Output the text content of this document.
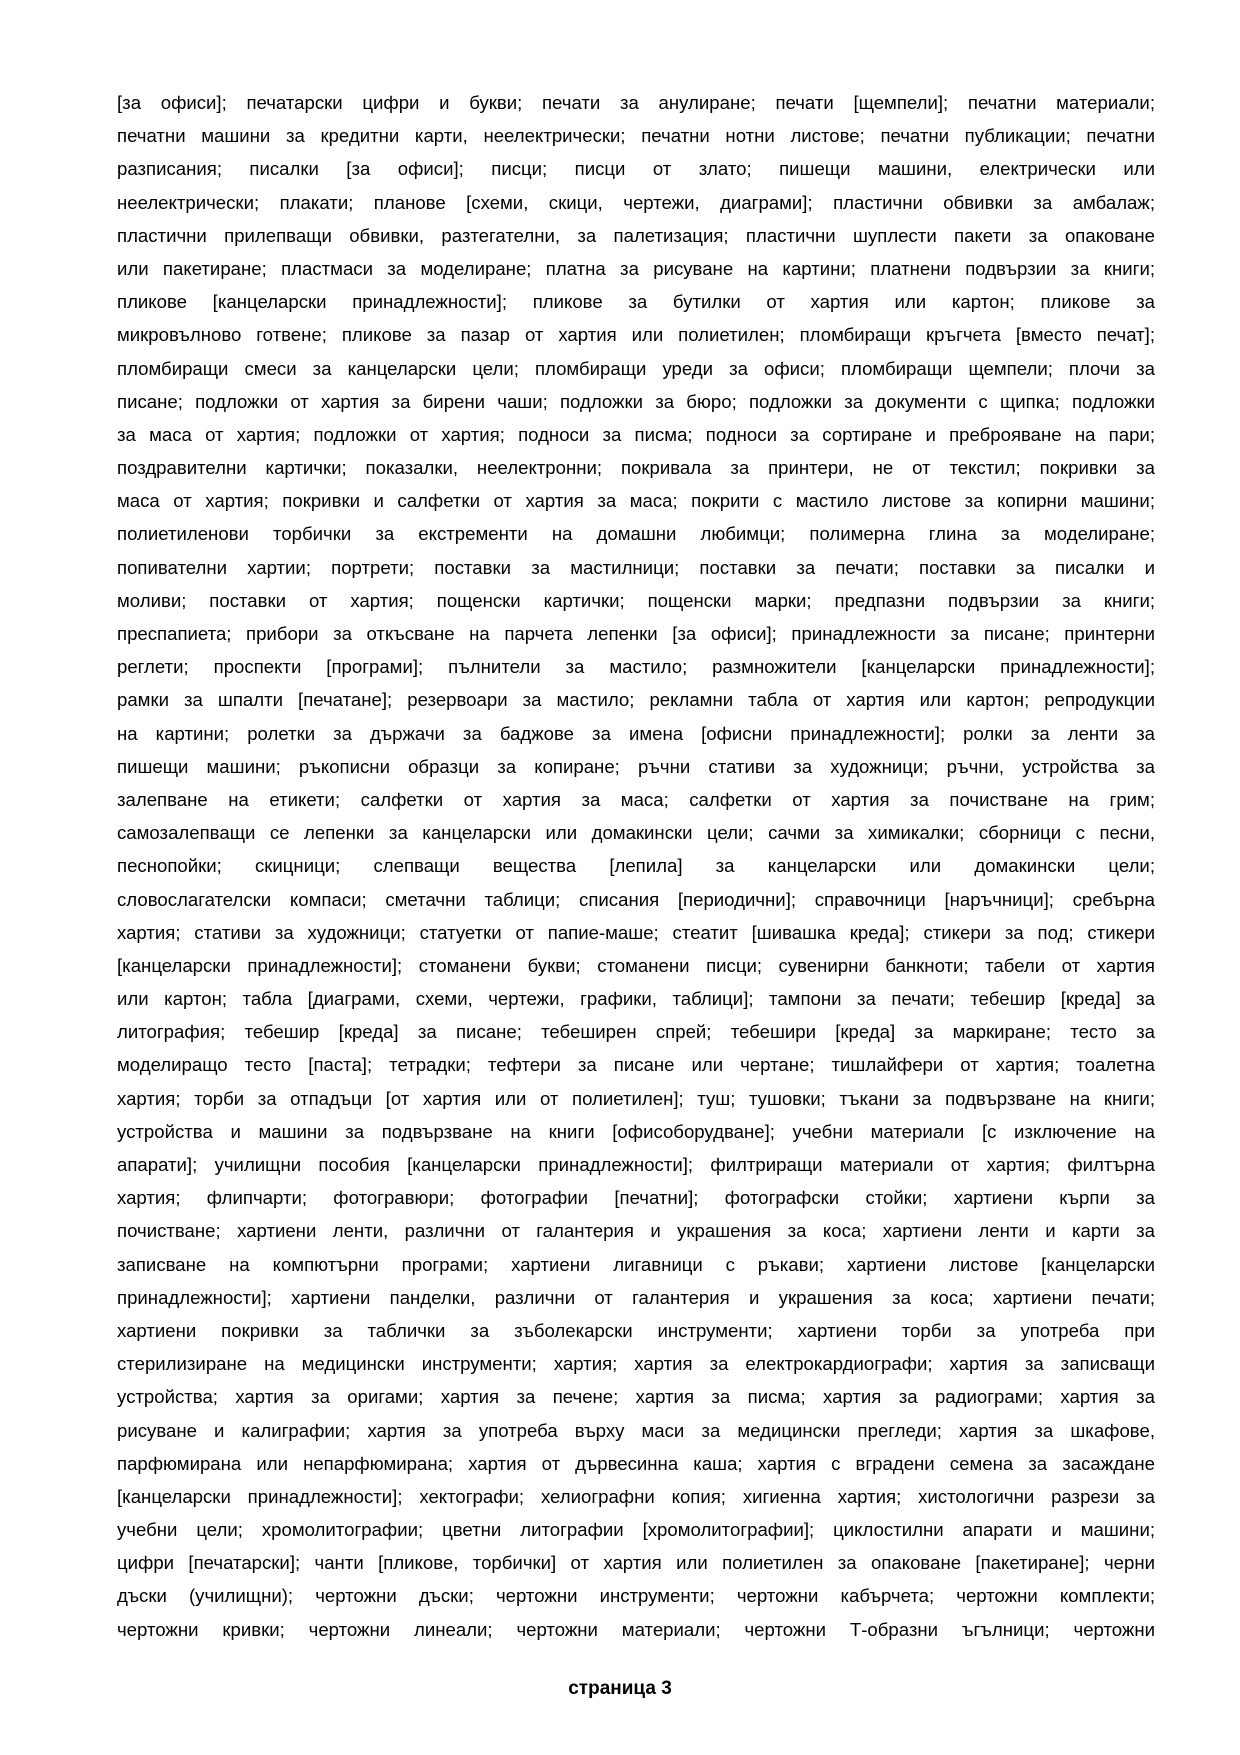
[за офиси]; печатарски цифри и букви; печати за анулиране; печати [щемпели]; печатни материали;
печатни машини за кредитни карти, неелектрически; печатни нотни листове; печатни публикации; печатни
разписания; писалки [за офиси]; писци; писци от злато; пишещи машини, електрически или
неелектрически; плакати; планове [схеми, скици, чертежи, диаграми]; пластични обвивки за амбалаж;
пластични прилепващи обвивки, разтегателни, за палетизация; пластични шуплести пакети за опаковане
или пакетиране; пластмаси за моделиране; платна за рисуване на картини; платнени подвързии за книги;
пликове [канцеларски принадлежности]; пликове за бутилки от хартия или картон; пликове за
микровълново готвене; пликове за пазар от хартия или полиетилен; пломбиращи кръгчета [вместо печат];
пломбиращи смеси за канцеларски цели; пломбиращи уреди за офиси; пломбиращи щемпели; плочи за
писане; подложки от хартия за бирени чаши; подложки за бюро; подложки за документи с щипка; подложки
за маса от хартия; подложки от хартия; подноси за писма; подноси за сортиране и преброяване на пари;
поздравителни картички; показалки, неелектронни; покривала за принтери, не от текстил; покривки за
маса от хартия; покривки и салфетки от хартия за маса; покрити с мастило листове за копирни машини;
полиетиленови торбички за екстременти на домашни любимци; полимерна глина за моделиране;
попивателни хартии; портрети; поставки за мастилници; поставки за печати; поставки за писалки и
моливи; поставки от хартия; пощенски картички; пощенски марки; предпазни подвързии за книги;
преспапиета; прибори за откъсване на парчета лепенки [за офиси]; принадлежности за писане; принтерни
реглети; проспекти [програми]; пълнители за мастило; размножители [канцеларски принадлежности];
рамки за шпалти [печатане]; резервоари за мастило; рекламни табла от хартия или картон; репродукции
на картини; ролетки за държачи за баджове за имена [офисни принадлежности]; ролки за ленти за
пишещи машини; ръкописни образци за копиране; ръчни стативи за художници; ръчни, устройства за
залепване на етикети; салфетки от хартия за маса; салфетки от хартия за почистване на грим;
самозалепващи се лепенки за канцеларски или домакински цели; сачми за химикалки; сборници с песни,
песнопойки; скицници; слепващи вещества [лепила] за канцеларски или домакински цели;
словослагателски компаси; сметачни таблици; списания [периодични]; справочници [наръчници]; сребърна
хартия; стативи за художници; статуетки от папие-маше; стеатит [шивашка креда]; стикери за под; стикери
[канцеларски принадлежности]; стоманени букви; стоманени писци; сувенирни банкноти; табели от хартия
или картон; табла [диаграми, схеми, чертежи, графики, таблици]; тампони за печати; тебешир [креда] за
литография; тебешир [креда] за писане; тебеширен спрей; тебешири [креда] за маркиране; тесто за
моделиращо тесто [паста]; тетрадки; тефтери за писане или чертане; тишлайфери от хартия; тоалетна
хартия; торби за отпадъци [от хартия или от полиетилен]; туш; тушовки; тъкани за подвързване на книги;
устройства и машини за подвързване на книги [офисоборудване]; учебни материали [с изключение на
апарати]; училищни пособия [канцеларски принадлежности]; филтриращи материали от хартия; филтърна
хартия; флипчарти; фотогравюри; фотографии [печатни]; фотографски стойки; хартиени кърпи за
почистване; хартиени ленти, различни от галантерия и украшения за коса; хартиени ленти и карти за
записване на компютърни програми; хартиени лигавници с ръкави; хартиени листове [канцеларски
принадлежности]; хартиени панделки, различни от галантерия и украшения за коса; хартиени печати;
хартиени покривки за таблички за зъболекарски инструменти; хартиени торби за употреба при
стерилизиране на медицински инструменти; хартия; хартия за електрокардиографи; хартия за записващи
устройства; хартия за оригами; хартия за печене; хартия за писма; хартия за радиограми; хартия за
рисуване и калиграфии; хартия за употреба върху маси за медицински прегледи; хартия за шкафове,
парфюмирана или непарфюмирана; хартия от дървесинна каша; хартия с вградени семена за засаждане
[канцеларски принадлежности]; хектографи; хелиографни копия; хигиенна хартия; хистологични разрези за
учебни цели; хромолитографии; цветни литографии [хромолитографии]; циклостилни апарати и машини;
цифри [печатарски]; чанти [пликове, торбички] от хартия или полиетилен за опаковане [пакетиране]; черни
дъски (училищни); чертожни дъски; чертожни инструменти; чертожни кабърчета; чертожни комплекти;
чертожни кривки; чертожни линеали; чертожни материали; чертожни Т-образни ъгълници; чертожни
страница 3
